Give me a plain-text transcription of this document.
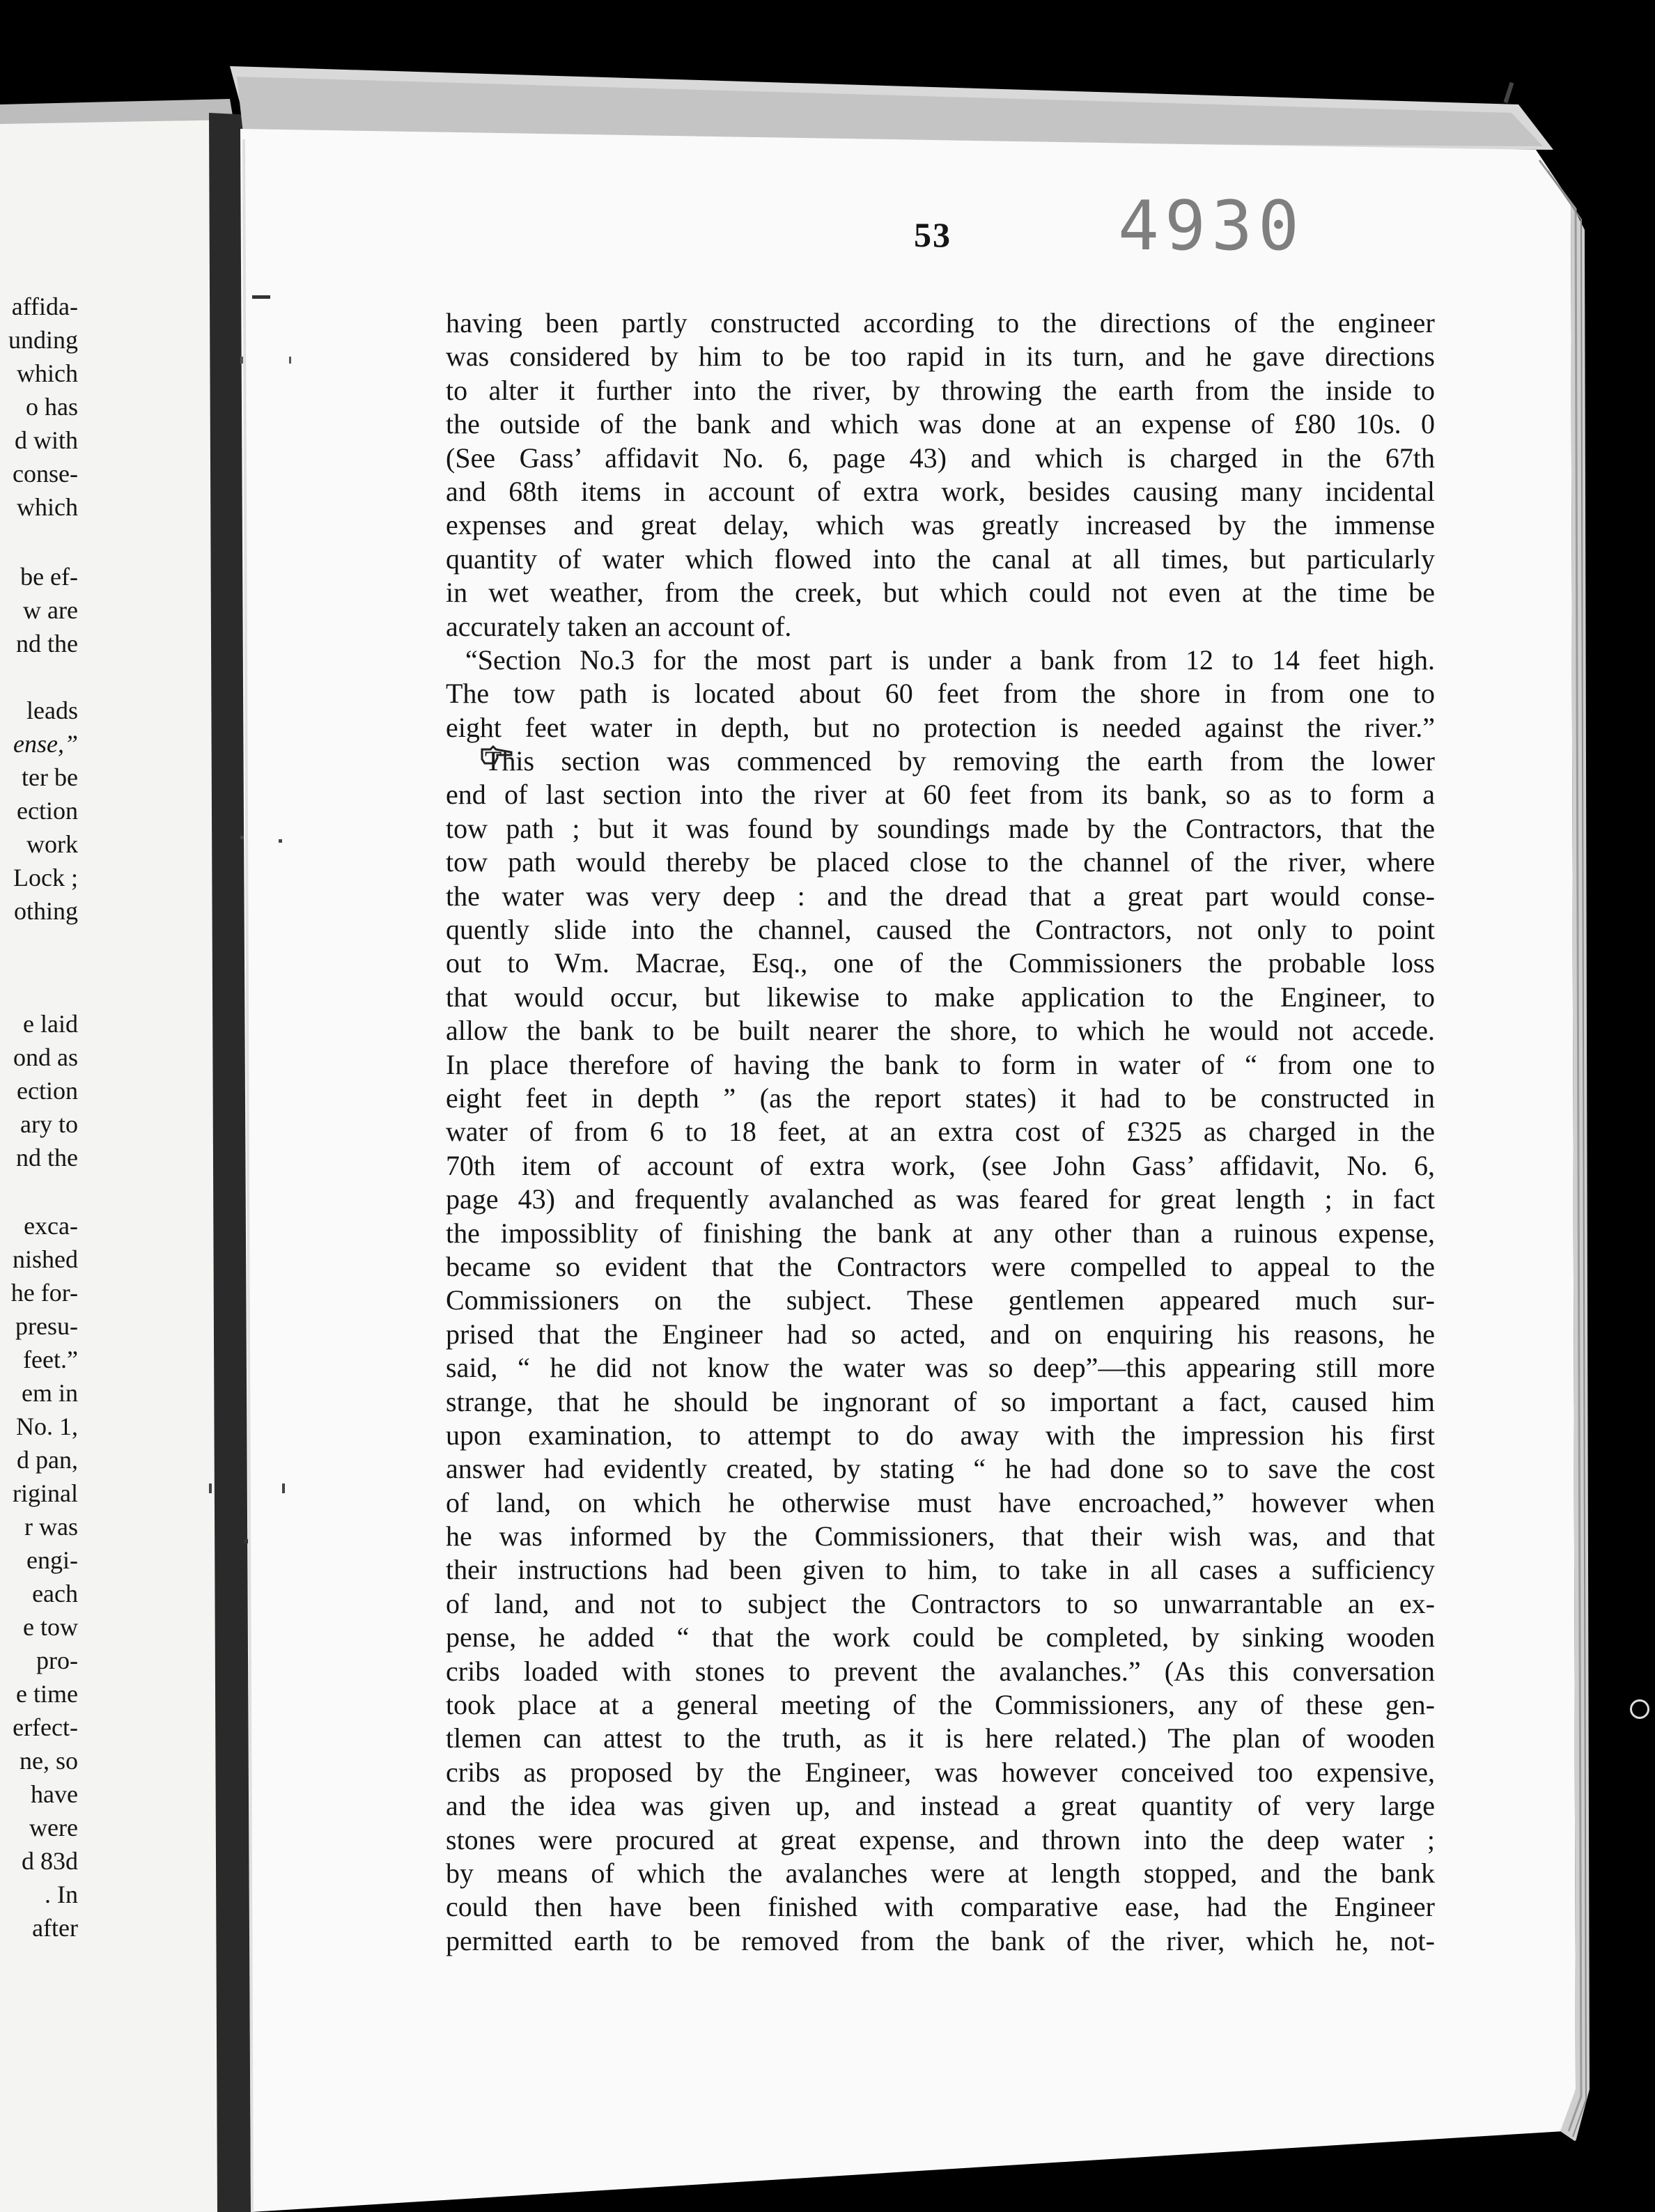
affida-
unding
which
o has
d with
conse-
which
be ef-
w are
nd the
leads
ense,”
ter be
ection
work
Lock ;
othing
e laid
ond as
ection
ary to
nd the
exca-
nished
he for-
presu-
feet.”
em in
No. 1,
d pan,
riginal
r was
engi-
each
e tow
pro-
e time
erfect-
ne, so
have
were
d 83d
. In
after
53 4930
having been partly constructed according to the directions of the engineer
was considered by him to be too rapid in its turn, and he gave directions
to alter it further into the river, by throwing the earth from the inside to
the outside of the bank and which was done at an expense of £80 10s. 0
(See Gass’ affidavit No. 6, page 43) and which is charged in the 67th
and 68th items in account of extra work, besides causing many incidental
expenses and great delay, which was greatly increased by the immense
quantity of water which flowed into the canal at all times, but particularly
in wet weather, from the creek, but which could not even at the time be
accurately taken an account of.
“Section No.3 for the most part is under a bank from 12 to 14 feet high.
The tow path is located about 60 feet from the shore in from one to
eight feet water in depth, but no protection is needed against the river.”
This section was commenced by removing the earth from the lower
end of last section into the river at 60 feet from its bank, so as to form a
tow path ; but it was found by soundings made by the Contractors, that the
tow path would thereby be placed close to the channel of the river, where
the water was very deep : and the dread that a great part would conse-
quently slide into the channel, caused the Contractors, not only to point
out to Wm. Macrae, Esq., one of the Commissioners the probable loss
that would occur, but likewise to make application to the Engineer, to
allow the bank to be built nearer the shore, to which he would not accede.
In place therefore of having the bank to form in water of “ from one to
eight feet in depth ” (as the report states) it had to be constructed in
water of from 6 to 18 feet, at an extra cost of £325 as charged in the
70th item of account of extra work, (see John Gass’ affidavit, No. 6,
page 43) and frequently avalanched as was feared for great length ; in fact
the impossiblity of finishing the bank at any other than a ruinous expense,
became so evident that the Contractors were compelled to appeal to the
Commissioners on the subject. These gentlemen appeared much sur-
prised that the Engineer had so acted, and on enquiring his reasons, he
said, “ he did not know the water was so deep”—this appearing still more
strange, that he should be ingnorant of so important a fact, caused him
upon examination, to attempt to do away with the impression his first
answer had evidently created, by stating “ he had done so to save the cost
of land, on which he otherwise must have encroached,” however when
he was informed by the Commissioners, that their wish was, and that
their instructions had been given to him, to take in all cases a sufficiency
of land, and not to subject the Contractors to so unwarrantable an ex-
pense, he added “ that the work could be completed, by sinking wooden
cribs loaded with stones to prevent the avalanches.” (As this conversation
took place at a general meeting of the Commissioners, any of these gen-
tlemen can attest to the truth, as it is here related.) The plan of wooden
cribs as proposed by the Engineer, was however conceived too expensive,
and the idea was given up, and instead a great quantity of very large
stones were procured at great expense, and thrown into the deep water ;
by means of which the avalanches were at length stopped, and the bank
could then have been finished with comparative ease, had the Engineer
permitted earth to be removed from the bank of the river, which he, not-
